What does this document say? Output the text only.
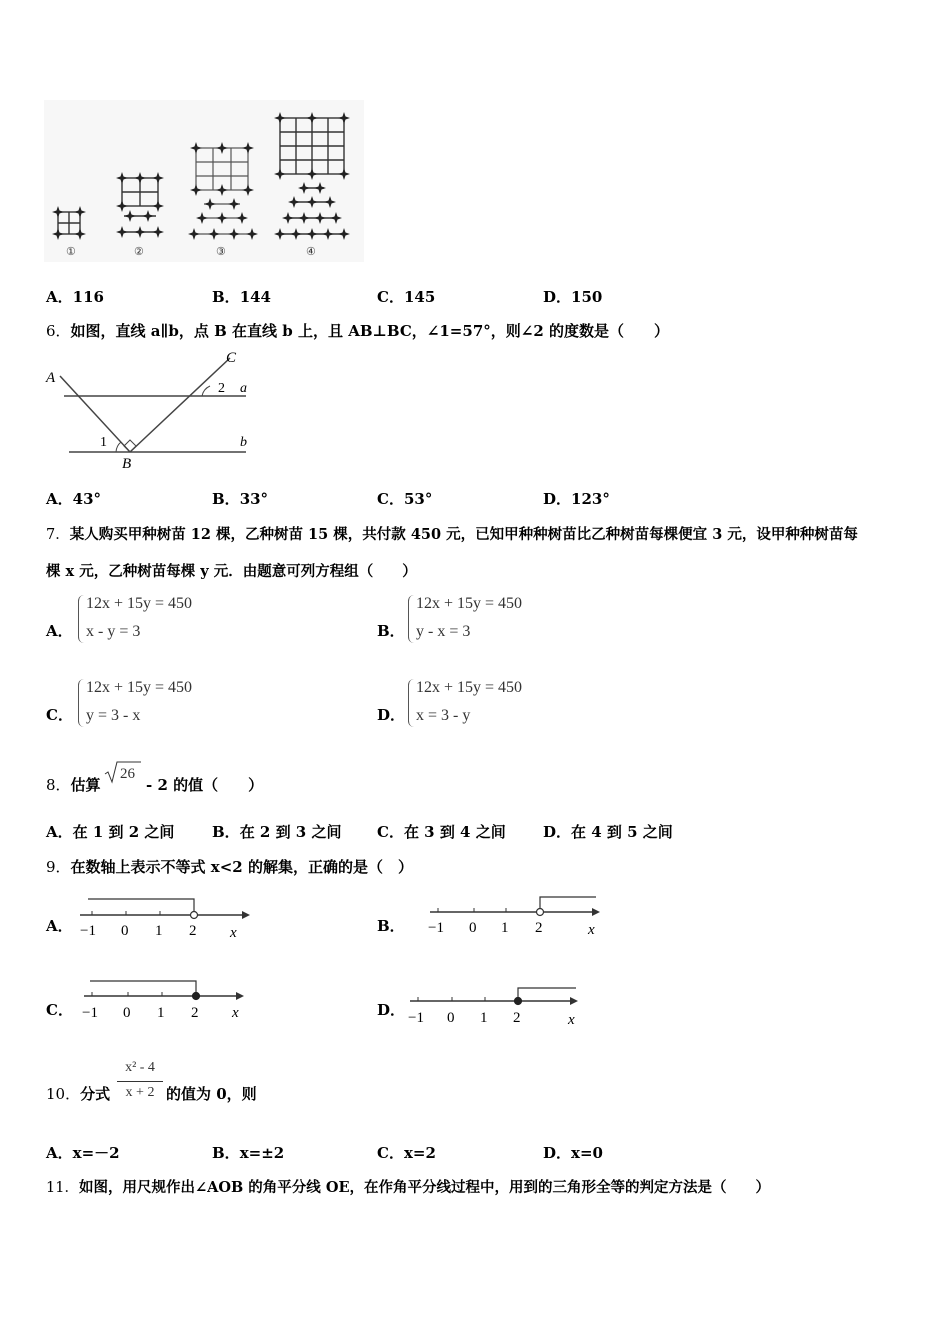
①	②	③	④
A．116	B．144	C．145	D．150
6．如图，直线 a∥b，点 B 在直线 b 上，且 AB⊥BC，∠1=57°，则∠2 的度数是（　　）
A
C
a
b
B
1
2
A．43°	B．33°	C．53°	D．123°
7．某人购买甲种树苗 12 棵，乙种树苗 15 棵，共付款 450 元，已知甲种种树苗比乙种树苗每棵便宜 3 元，设甲种种树苗每
棵 x 元，乙种树苗每棵 y 元．由题意可列方程组（　　）
A．
12x + 15y = 450
x - y = 3	B．
12x + 15y = 450
y - x = 3
C．
12x + 15y = 450
y = 3 - x	D．
12x + 15y = 450
x = 3 - y
8．估算
26
- 2 的值（　　）
A．在 1 到 2 之间	B．在 2 到 3 之间 C．在 3 到 4 之间 D．在 4 到 5 之间
9．在数轴上表示不等式 x<2 的解集，正确的是（　）
A． −1 0 1 2 x	B． −1 0 1 2	x
C． −1 0 1 2 x	D． −1 0 1 2	x
10．分式
x² - 4
x + 2 的值为 0，则
A．x=－2	B．x=±2	C．x=2	D．x=0
11．如图，用尺规作出∠AOB 的角平分线 OE，在作角平分线过程中，用到的三角形全等的判定方法是（　　）
